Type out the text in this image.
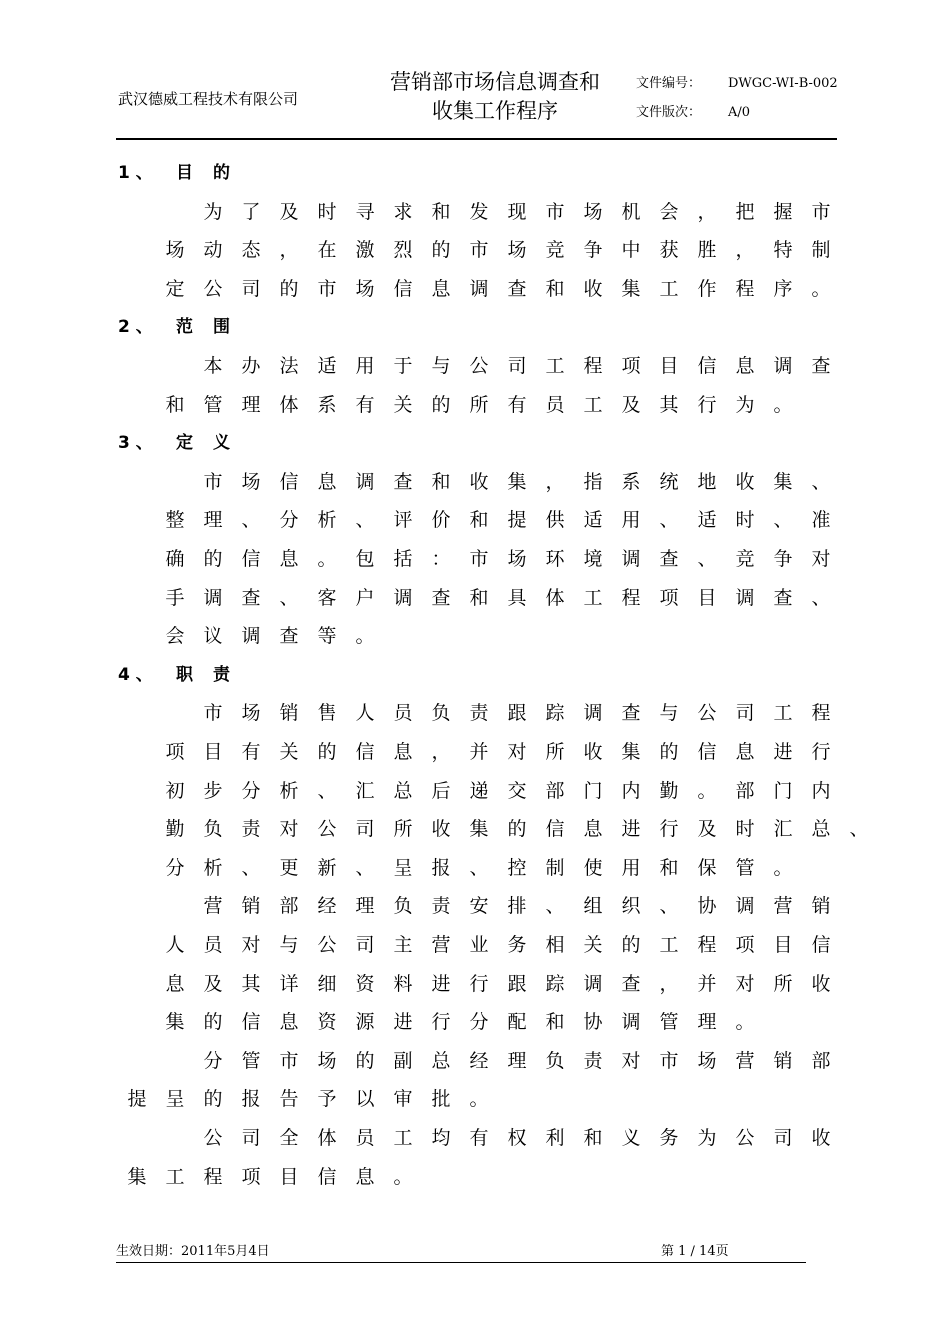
武汉德威工程技术有限公司
营销部市场信息调查和
收集工作程序
文件编号： DWGC-WI-B-002
文件版次： A/0
1 、 目的
为 了 及 时 寻 求 和 发 现 市 场 机 会 ， 把 握 市
场 动 态 ， 在 激 烈 的 市 场 竞 争 中 获 胜 ， 特 制
定 公 司 的 市 场 信 息 调 查 和 收 集 工 作 程 序 。
2 、 范围
本 办 法 适 用 于 与 公 司 工 程 项 目 信 息 调 查
和 管 理 体 系 有 关 的 所 有 员 工 及 其 行 为 。
3 、 定义
市 场 信 息 调 查 和 收 集 ， 指 系 统 地 收 集 、
整 理 、 分 析 、 评 价 和 提 供 适 用 、 适 时 、 准
确 的 信 息 。 包 括 ： 市 场 环 境 调 查 、 竞 争 对
手 调 查 、 客 户 调 查 和 具 体 工 程 项 目 调 查 、
会 议 调 查 等 。
4 、 职责
市 场 销 售 人 员 负 责 跟 踪 调 查 与 公 司 工 程
项 目 有 关 的 信 息 ， 并 对 所 收 集 的 信 息 进 行
初 步 分 析 、 汇 总 后 递 交 部 门 内 勤 。 部 门 内
勤 负 责 对 公 司 所 收 集 的 信 息 进 行 及 时 汇 总 、
分 析 、 更 新 、 呈 报 、 控 制 使 用 和 保 管 。
营 销 部 经 理 负 责 安 排 、 组 织 、 协 调 营 销
人 员 对 与 公 司 主 营 业 务 相 关 的 工 程 项 目 信
息 及 其 详 细 资 料 进 行 跟 踪 调 查 ， 并 对 所 收
集 的 信 息 资 源 进 行 分 配 和 协 调 管 理 。
分 管 市 场 的 副 总 经 理 负 责 对 市 场 营 销 部
提 呈 的 报 告 予 以 审 批 。
公 司 全 体 员 工 均 有 权 利 和 义 务 为 公 司 收
集 工 程 项 目 信 息 。
生效日期：2011年5月4日	第 1 / 14页
